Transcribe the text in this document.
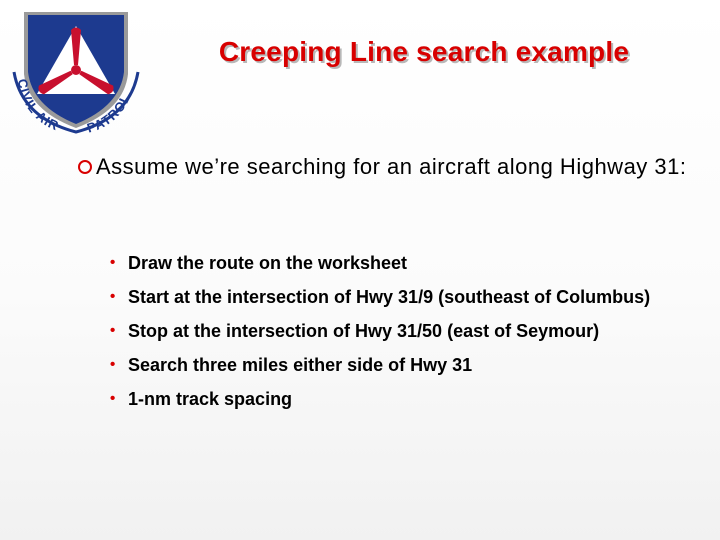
CIVIL AIR PATROL
Creeping Line search example
Assume we’re searching for an aircraft along Highway 31:
• Draw the route on the worksheet
• Start at the intersection of Hwy 31/9 (southeast of Columbus)
• Stop at the intersection of Hwy 31/50 (east of Seymour)
• Search three miles either side of Hwy 31
• 1-nm track spacing
